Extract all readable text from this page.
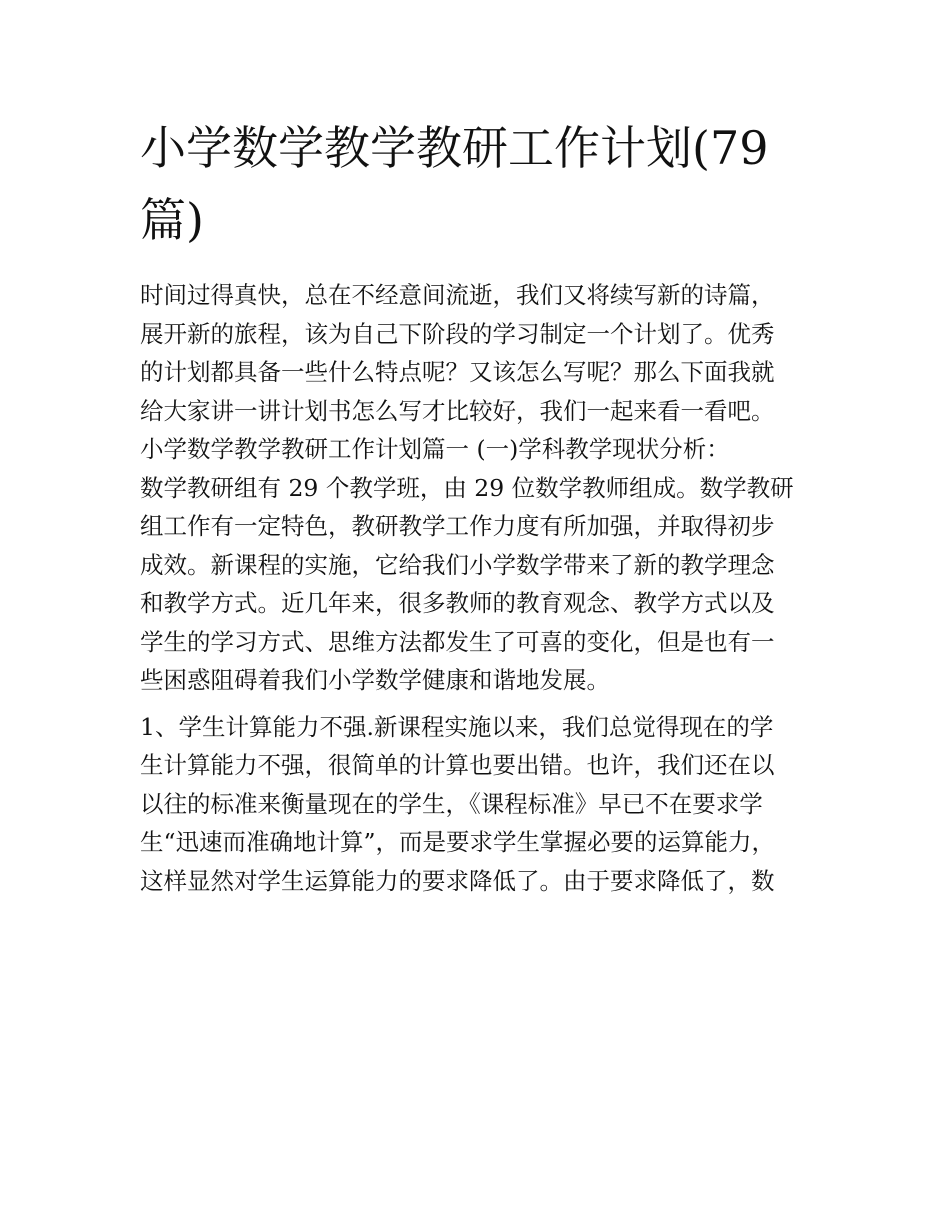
小学数学教学教研工作计划(79
篇)
时间过得真快，总在不经意间流逝，我们又将续写新的诗篇，
展开新的旅程，该为自己下阶段的学习制定一个计划了。优秀
的计划都具备一些什么特点呢？又该怎么写呢？那么下面我就
给大家讲一讲计划书怎么写才比较好，我们一起来看一看吧。
小学数学教学教研工作计划篇一 (一)学科教学现状分析：
数学教研组有 29 个教学班，由 29 位数学教师组成。数学教研
组工作有一定特色，教研教学工作力度有所加强，并取得初步
成效。新课程的实施，它给我们小学数学带来了新的教学理念
和教学方式。近几年来，很多教师的教育观念、教学方式以及
学生的学习方式、思维方法都发生了可喜的变化，但是也有一
些困惑阻碍着我们小学数学健康和谐地发展。
1、学生计算能力不强.新课程实施以来，我们总觉得现在的学
生计算能力不强，很简单的计算也要出错。也许，我们还在以
以往的标准来衡量现在的学生，《课程标准》早已不在要求学
生“迅速而准确地计算”，而是要求学生掌握必要的运算能力，
这样显然对学生运算能力的要求降低了。由于要求降低了，数
